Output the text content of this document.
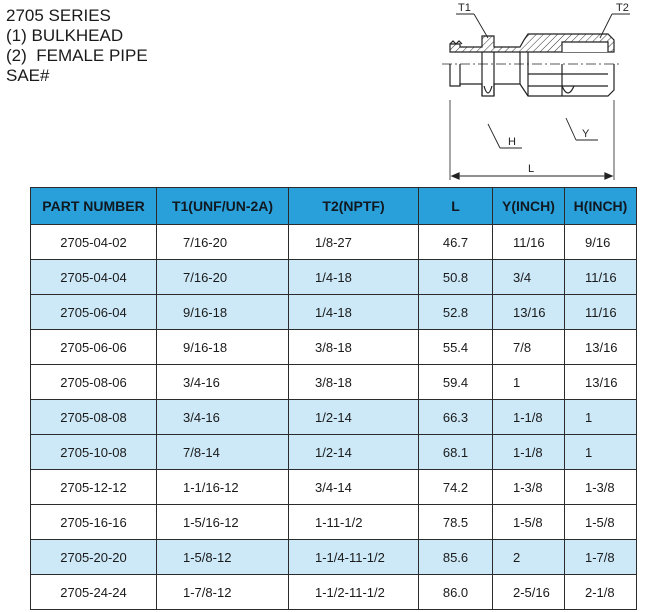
2705 SERIES
(1) BULKHEAD
(2)  FEMALE PIPE
SAE#
T1	T2
H
Y
L
PART NUMBER	T1(UNF/UN-2A)	T2(NPTF)	L	Y(INCH)	H(INCH)
2705-04-02	7/16-20	1/8-27	46.7	11/16	9/16
2705-04-04	7/16-20	1/4-18	50.8	3/4	11/16
2705-06-04	9/16-18	1/4-18	52.8	13/16	11/16
2705-06-06	9/16-18	3/8-18	55.4	7/8	13/16
2705-08-06	3/4-16	3/8-18	59.4	1	13/16
2705-08-08	3/4-16	1/2-14	66.3	1-1/8	1
2705-10-08	7/8-14	1/2-14	68.1	1-1/8	1
2705-12-12	1-1/16-12	3/4-14	74.2	1-3/8	1-3/8
2705-16-16	1-5/16-12	1-11-1/2	78.5	1-5/8	1-5/8
2705-20-20	1-5/8-12	1-1/4-11-1/2	85.6	2	1-7/8
2705-24-24	1-7/8-12	1-1/2-11-1/2	86.0	2-5/16	2-1/8
